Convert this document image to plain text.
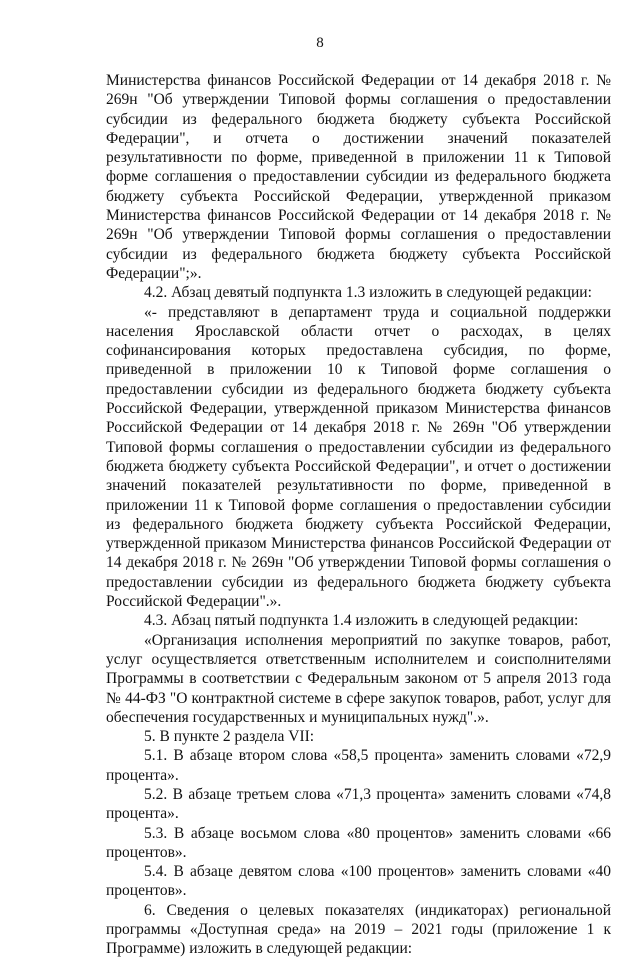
8

Министерства финансов Российской Федерации от 14 декабря 2018 г. № 269н "Об утверждении Типовой формы соглашения о предоставлении субсидии из федерального бюджета бюджету субъекта Российской Федерации", и отчета о достижении значений показателей результативности по форме, приведенной в приложении 11 к Типовой форме соглашения о предоставлении субсидии из федерального бюджета бюджету субъекта Российской Федерации, утвержденной приказом Министерства финансов Российской Федерации от 14 декабря 2018 г. № 269н "Об утверждении Типовой формы соглашения о предоставлении субсидии из федерального бюджета бюджету субъекта Российской Федерации";».

4.2. Абзац девятый подпункта 1.3 изложить в следующей редакции:

«- представляют в департамент труда и социальной поддержки населения Ярославской области отчет о расходах, в целях софинансирования которых предоставлена субсидия, по форме, приведенной в приложении 10 к Типовой форме соглашения о предоставлении субсидии из федерального бюджета бюджету субъекта Российской Федерации, утвержденной приказом Министерства финансов Российской Федерации от 14 декабря 2018 г. № 269н "Об утверждении Типовой формы соглашения о предоставлении субсидии из федерального бюджета бюджету субъекта Российской Федерации", и отчет о достижении значений показателей результативности по форме, приведенной в приложении 11 к Типовой форме соглашения о предоставлении субсидии из федерального бюджета бюджету субъекта Российской Федерации, утвержденной приказом Министерства финансов Российской Федерации от 14 декабря 2018 г. № 269н "Об утверждении Типовой формы соглашения о предоставлении субсидии из федерального бюджета бюджету субъекта Российской Федерации".».

4.3. Абзац пятый подпункта 1.4 изложить в следующей редакции:

«Организация исполнения мероприятий по закупке товаров, работ, услуг осуществляется ответственным исполнителем и соисполнителями Программы в соответствии с Федеральным законом от 5 апреля 2013 года № 44-ФЗ "О контрактной системе в сфере закупок товаров, работ, услуг для обеспечения государственных и муниципальных нужд".».

5. В пункте 2 раздела VII:

5.1. В абзаце втором слова «58,5 процента» заменить словами «72,9 процента».

5.2. В абзаце третьем слова «71,3 процента» заменить словами «74,8 процента».

5.3. В абзаце восьмом слова «80 процентов» заменить словами «66 процентов».

5.4. В абзаце девятом слова «100 процентов» заменить словами «40 процентов».

6. Сведения о целевых показателях (индикаторах) региональной программы «Доступная среда» на 2019 – 2021 годы (приложение 1 к Программе) изложить в следующей редакции:
